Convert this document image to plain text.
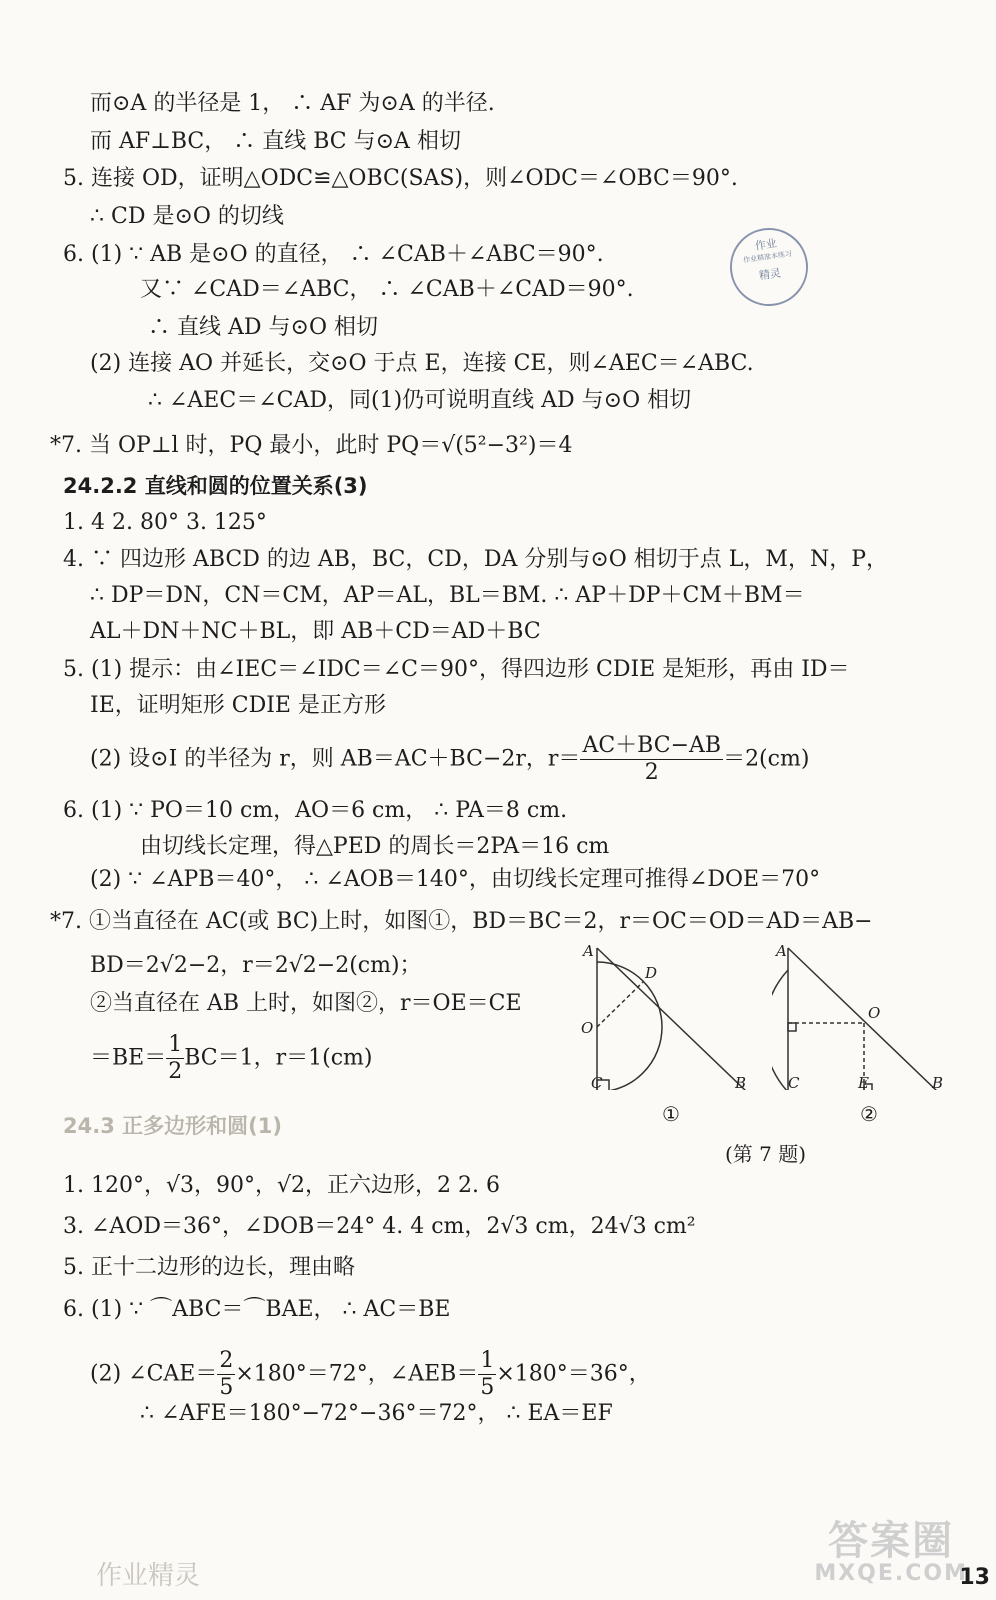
而⊙A 的半径是 1， ∴ AF 为⊙A 的半径.
而 AF⊥BC， ∴ 直线 BC 与⊙A 相切
5. 连接 OD，证明△ODC≌△OBC(SAS)，则∠ODC＝∠OBC＝90°.
∴ CD 是⊙O 的切线
6. (1) ∵ AB 是⊙O 的直径， ∴ ∠CAB＋∠ABC＝90°.
又∵ ∠CAD＝∠ABC， ∴ ∠CAB＋∠CAD＝90°.
∴ 直线 AD 与⊙O 相切
(2) 连接 AO 并延长，交⊙O 于点 E，连接 CE，则∠AEC＝∠ABC.
∴ ∠AEC＝∠CAD，同(1)仍可说明直线 AD 与⊙O 相切
*7. 当 OP⊥l 时，PQ 最小，此时 PQ＝√(5²−3²)＝4
24.2.2 直线和圆的位置关系(3)
1. 4 2. 80° 3. 125°
4. ∵ 四边形 ABCD 的边 AB，BC，CD，DA 分别与⊙O 相切于点 L，M，N，P，
∴ DP＝DN，CN＝CM，AP＝AL，BL＝BM. ∴ AP＋DP＋CM＋BM＝
AL＋DN＋NC＋BL，即 AB＋CD＝AD＋BC
5. (1) 提示：由∠IEC＝∠IDC＝∠C＝90°，得四边形 CDIE 是矩形，再由 ID＝
IE，证明矩形 CDIE 是正方形
(2) 设⊙I 的半径为 r，则 AB＝AC＋BC−2r，$r= \frac{AC+BC-AB}{2} =2(cm)$
6. (1) ∵ PO＝10 cm，AO＝6 cm， ∴ PA＝8 cm.
由切线长定理，得△PED 的周长＝2PA＝16 cm
(2) ∵ ∠APB＝40°， ∴ ∠AOB＝140°，由切线长定理可推得∠DOE＝70°
*7. ①当直径在 AC(或 BC)上时，如图①，BD＝BC＝2，r＝OC＝OD＝AD＝AB−
BD＝2√2−2，r＝2√2−2(cm)；
②当直径在 AB 上时，如图②，r＝OE＝CE
$=BE= \frac{1}{2} BC=1$，r＝1(cm)
24.3 正多边形和圆(1)
1. 120°，√3，90°，√2，正六边形，2 2. 6
3. ∠AOD＝36°，∠DOB＝24° 4. 4 cm，2√3 cm，24√3 cm²
5. 正十二边形的边长，理由略
6. (1) ∵ ⌒ABC＝⌒BAE， ∴ AC＝BE
(2) ∠CAE＝ $\frac{2}{5} \times 180^\circ=72^\circ$，∠AEB＝ $\frac{1}{5} \times 180^\circ=36^\circ$，
∴ ∠AFE＝180°−72°−36°＝72°， ∴ EA＝EF
A
D
O
C	B
A
O
C	E	B
①	②
(第 7 题)
作业
作业精准本练习
精灵
作业精灵
答案圈
MXQE.COM
13
